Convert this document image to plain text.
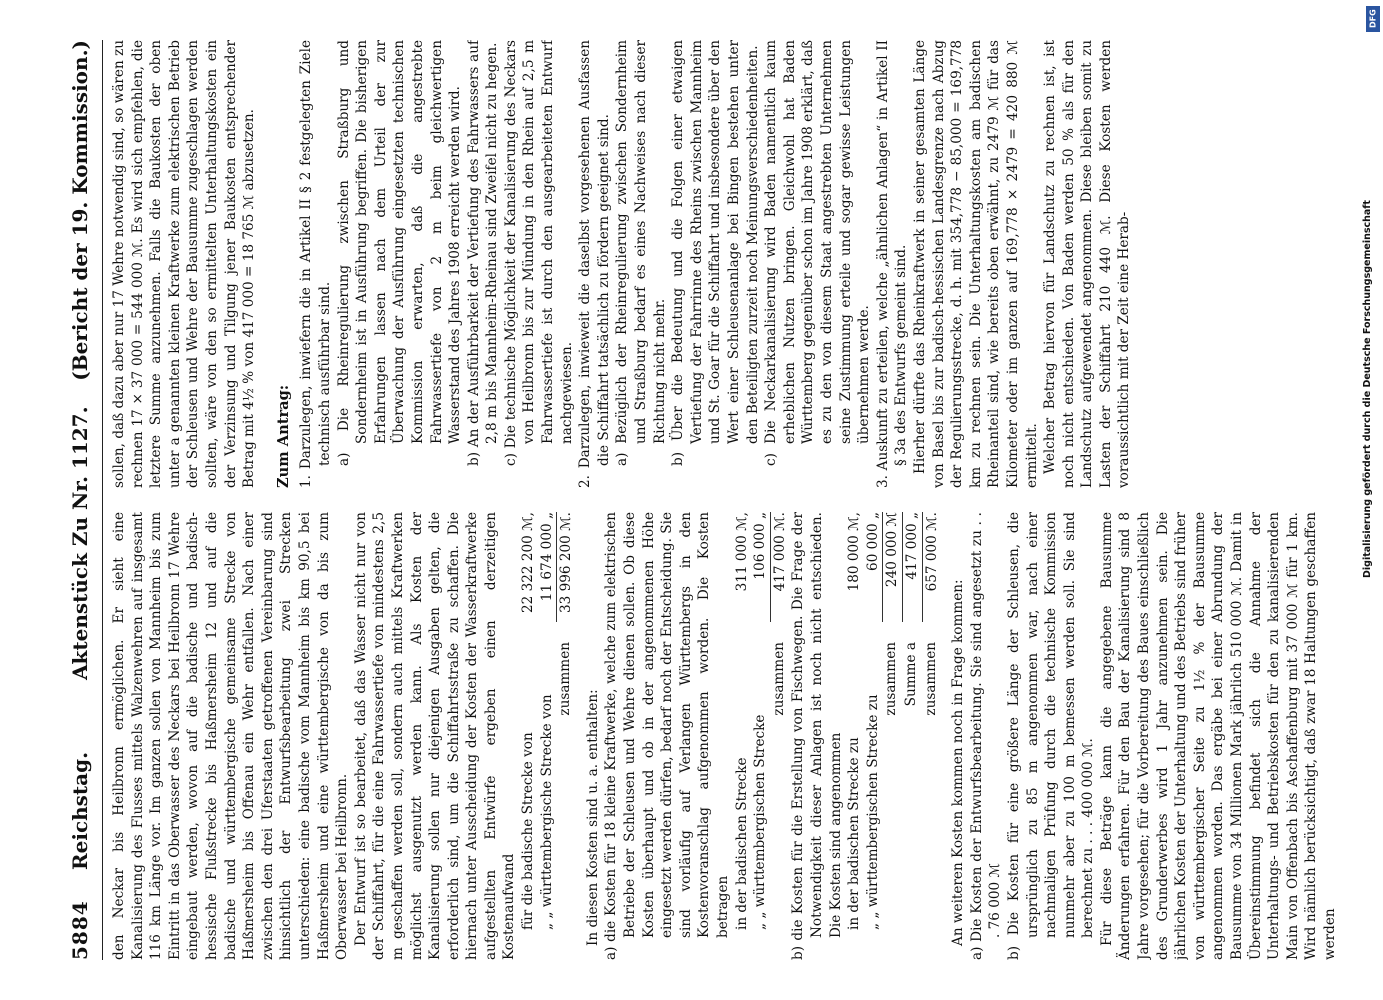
5884
Reichstag.
Aktenstück Zu Nr. 1127.
(Bericht der 19. Kommission.)

den Neckar bis Heilbronn ermöglichen. Er sieht eine Kanalisierung des Flusses mittels Walzenwehren auf insgesamt 116 km Länge vor. Im ganzen sollen von Mannheim bis zum Eintritt in das Oberwasser des Neckars bei Heilbronn 17 Wehre eingebaut werden, wovon auf die badische und badisch-hessische Flußstrecke bis Haßmersheim 12 und auf die badische und württembergische gemeinsame Strecke von Haßmersheim bis Offenau ein Wehr entfallen. Nach einer zwischen den drei Uferstaaten getroffenen Vereinbarung sind hinsichtlich der Entwurfsbearbeitung zwei Strecken unterschieden: eine badische vom Mannheim bis km 90,5 bei Haßmersheim und eine württembergische von da bis zum Oberwasser bei Heilbronn. Der Entwurf ist so bearbeitet, daß das Wasser nicht nur von der Schiffahrt, für die eine Fahrwassertiefe von mindestens 2,5 m geschaffen werden soll, sondern auch mittels Kraftwerken möglichst ausgenutzt werden kann. Als Kosten der Kanalisierung sollen nur diejenigen Ausgaben gelten, die erforderlich sind, um die Schiffahrtsstraße zu schaffen. Die hiernach unter Ausscheidung der Kosten der Wasserkraftwerke aufgestellten Entwürfe ergeben einen derzeitigen Kostenaufwand für die badische Strecke von
22 322 200 ℳ,
„ „ württembergische Strecke von
11 674 000 „
zusammen
33 996 200 ℳ.

In diesen Kosten sind u. a. enthalten: a) die Kosten für 18 kleine Kraftwerke, welche zum elektrischen Betriebe der Schleusen und Wehre dienen sollen. Ob diese Kosten überhaupt und ob in der angenommenen Höhe eingesetzt werden dürfen, bedarf noch der Entscheidung. Sie sind vorläufig auf Verlangen Württembergs in den Kostenvoranschlag aufgenommen worden. Die Kosten betragen in der badischen Strecke
311 000 ℳ,
„ „ württembergischen Strecke
106 000 „
zusammen
417 000 ℳ. b) die Kosten für die Erstellung von Fischwegen. Die Frage der Notwendigkeit dieser Anlagen ist noch nicht entschieden. Die Kosten sind angenommen in der badischen Strecke zu
180 000 ℳ,
„ „ württembergischen Strecke zu
60 000 „
zusammen
240 000 ℳ
Summe a
417 000 „
zusammen
657 000 ℳ.

An weiteren Kosten kommen noch in Frage kommen: a) Die Kosten der Entwurfsbearbeitung. Sie sind angesetzt zu . . . 76 000 ℳ b) Die Kosten für eine größere Länge der Schleusen, die ursprünglich zu 85 m angenommen war, nach einer nachmaligen Prüfung durch die technische Kommission nunmehr aber zu 100 m bemessen werden soll. Sie sind berechnet zu . . . 400 000 ℳ. Für diese Beträge kann die angegebene Bausumme Änderungen erfahren. Für den Bau der Kanalisierung sind 8 Jahre vorgesehen; für die Vorbereitung des Baues einschließlich des Grunderwerbes wird 1 Jahr anzunehmen sein. Die jährlichen Kosten der Unterhaltung und des Betriebs sind früher von württembergischer Seite zu 1½ % der Bausumme angenommen worden. Das ergäbe bei einer Abrundung der Bausumme von 34 Millionen Mark jährlich 510 000 ℳ. Damit in Übereinstimmung befindet sich die Annahme der Unterhaltungs- und Betriebskosten für den zu kanalisierenden Main von Offenbach bis Aschaffenburg mit 37 000 ℳ für 1 km. Wird nämlich berücksichtigt, daß zwar 18 Haltungen geschaffen werden

sollen, daß dazu aber nur 17 Wehre notwendig sind, so wären zu rechnen 17 × 37 000 = 544 000 ℳ. Es wird sich empfehlen, die letztere Summe anzunehmen. Falls die Baukosten der oben unter a genannten kleinen Kraftwerke zum elektrischen Betrieb der Schleusen und Wehre der Bausumme zugeschlagen werden sollten, wäre von den so ermittelten Unterhaltungskosten ein der Verzinsung und Tilgung jener Baukosten entsprechender Betrag mit 4½ % von 417 000 = 18 765 ℳ abzusetzen. Zum Antrag: 1. Darzulegen, inwiefern die in Artikel II § 2 festgelegten Ziele technisch ausführbar sind. a) Die Rheinregulierung zwischen Straßburg und Sondernheim ist in Ausführung begriffen. Die bisherigen Erfahrungen lassen nach dem Urteil der zur Überwachung der Ausführung eingesetzten technischen Kommission erwarten, daß die angestrebte Fahrwassertiefe von 2 m beim gleichwertigen Wasserstand des Jahres 1908 erreicht werden wird. b) An der Ausführbarkeit der Vertiefung des Fahrwassers auf 2,8 m bis Mannheim-Rheinau sind Zweifel nicht zu hegen. c) Die technische Möglichkeit der Kanalisierung des Neckars von Heilbronn bis zur Mündung in den Rhein auf 2,5 m Fahrwassertiefe ist durch den ausgearbeiteten Entwurf nachgewiesen. 2. Darzulegen, inwieweit die daselbst vorgesehenen Ausfassen die Schiffahrt tatsächlich zu fördern geeignet sind. a) Bezüglich der Rheinregulierung zwischen Sondernheim und Straßburg bedarf es eines Nachweises nach dieser Richtung nicht mehr. b) Über die Bedeutung und die Folgen einer etwaigen Vertiefung der Fahrrinne des Rheins zwischen Mannheim und St. Goar für die Schiffahrt und insbesondere über den Wert einer Schleusenanlage bei Bingen bestehen unter den Beteiligten zurzeit noch Meinungsverschiedenheiten. c) Die Neckarkanalisierung wird Baden namentlich kaum erheblichen Nutzen bringen. Gleichwohl hat Baden Württemberg gegenüber schon im Jahre 1908 erklärt, daß es zu den von diesem Staat angestrebten Unternehmen seine Zustimmung erteile und sogar gewisse Leistungen übernehmen werde. 3. Auskunft zu erteilen, welche „ähnlichen Anlagen“ in Artikel II § 3a des Entwurfs gemeint sind. Hierher dürfte das Rheinkraftwerk in seiner gesamten Länge von Basel bis zur badisch-hessischen Landesgrenze nach Abzug der Regulierungsstrecke, d. h. mit 354,778 − 85,000 = 169,778 km zu rechnen sein. Die Unterhaltungskosten am badischen Rheinanteil sind, wie bereits oben erwähnt, zu 2479 ℳ für das Kilometer oder im ganzen auf 169,778 × 2479 = 420 880 ℳ ermittelt. Welcher Betrag hiervon für Landschutz zu rechnen ist, ist noch nicht entschieden. Von Baden werden 50 % als für den Landschutz aufgewendet angenommen. Diese bleiben somit zu Lasten der Schiffahrt 210 440 ℳ. Diese Kosten werden voraussichtlich mit der Zeit eine Herab-	Digitalisierung gefördert durch die Deutsche Forschungsgemeinschaft
DFG
